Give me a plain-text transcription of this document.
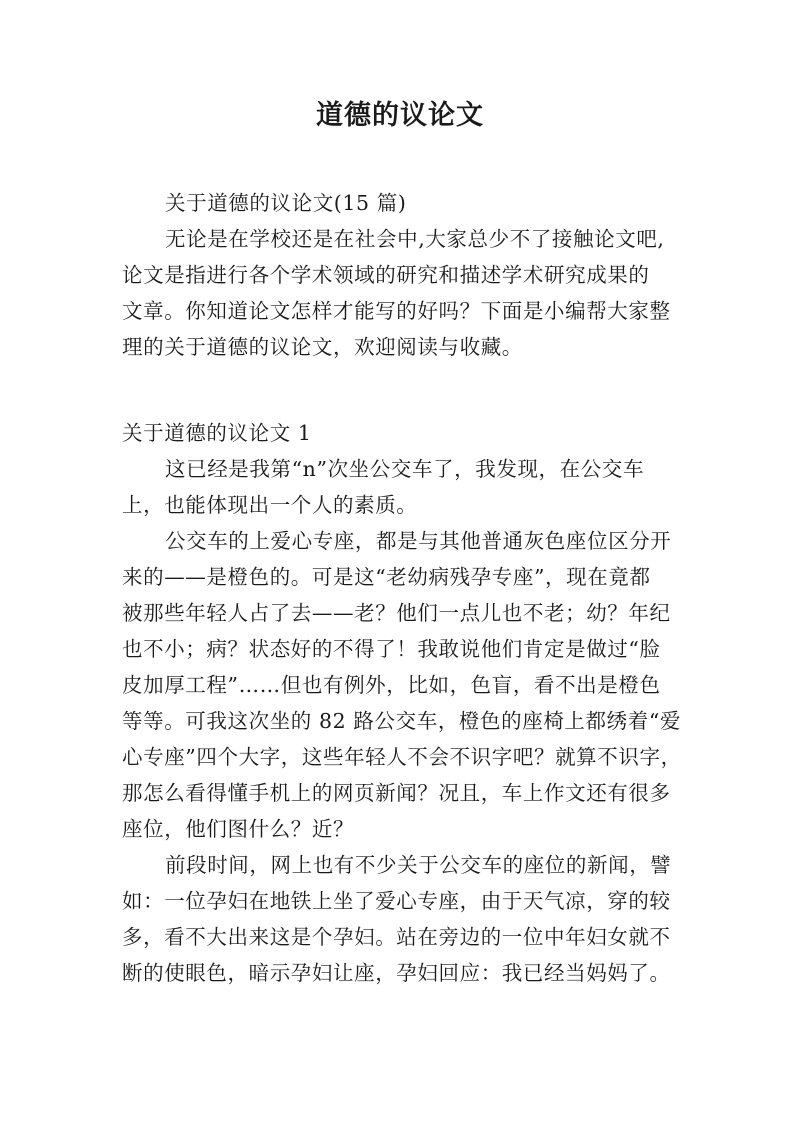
道德的议论文
关于道德的议论文(15 篇)
无论是在学校还是在社会中,大家总少不了接触论文吧,
论文是指进行各个学术领域的研究和描述学术研究成果的
文章。你知道论文怎样才能写的好吗？下面是小编帮大家整
理的关于道德的议论文，欢迎阅读与收藏。
关于道德的议论文 1
这已经是我第“n”次坐公交车了，我发现，在公交车
上，也能体现出一个人的素质。
公交车的上爱心专座，都是与其他普通灰色座位区分开
来的——是橙色的。可是这“老幼病残孕专座”，现在竟都
被那些年轻人占了去——老？他们一点儿也不老；幼？年纪
也不小；病？状态好的不得了！我敢说他们肯定是做过“脸
皮加厚工程”……但也有例外，比如，色盲，看不出是橙色
等等。可我这次坐的 82 路公交车，橙色的座椅上都绣着“爱
心专座”四个大字，这些年轻人不会不识字吧？就算不识字，
那怎么看得懂手机上的网页新闻？况且，车上作文还有很多
座位，他们图什么？近？
前段时间，网上也有不少关于公交车的座位的新闻，譬
如：一位孕妇在地铁上坐了爱心专座，由于天气凉，穿的较
多，看不大出来这是个孕妇。站在旁边的一位中年妇女就不
断的使眼色，暗示孕妇让座，孕妇回应：我已经当妈妈了。
